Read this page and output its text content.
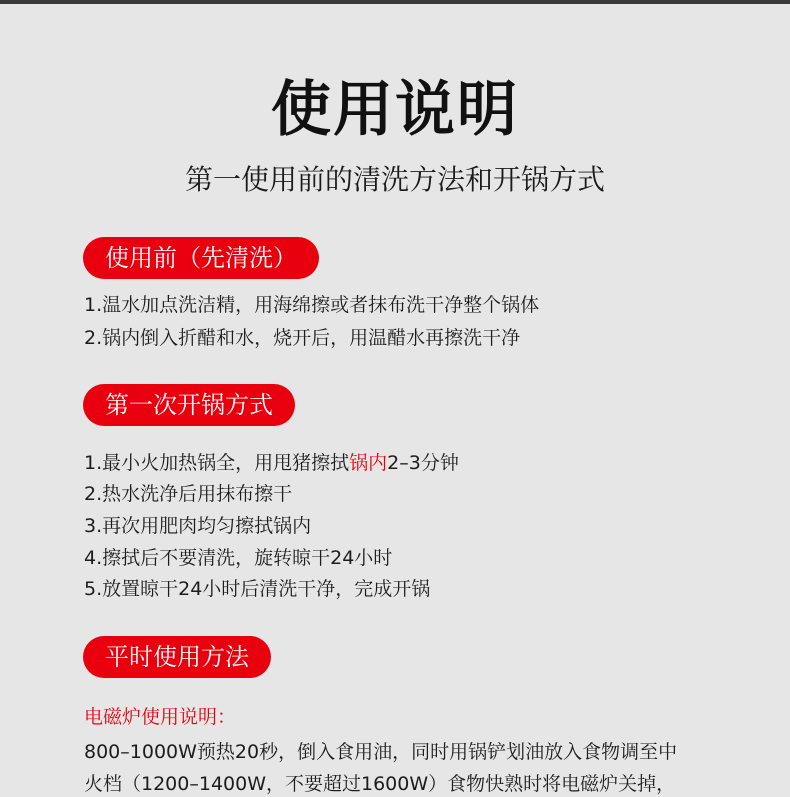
使用说明
第一使用前的清洗方法和开锅方式
使用前（先清洗）
1.温水加点洗洁精，用海绵擦或者抹布洗干净整个锅体
2.锅内倒入折醋和水，烧开后，用温醋水再擦洗干净
第一次开锅方式
1.最小火加热锅全，用甩猪擦拭锅内2–3分钟
2.热水洗净后用抹布擦干
3.再次用肥肉均匀擦拭锅内
4.擦拭后不要清洗，旋转晾干24小时
5.放置晾干24小时后清洗干净，完成开锅
平时使用方法
电磁炉使用说明：
800–1000W预热20秒，倒入食用油，同时用锅铲划油放入食物调至中
火档（1200–1400W，不要超过1600W）食物快熟时将电磁炉关掉，
